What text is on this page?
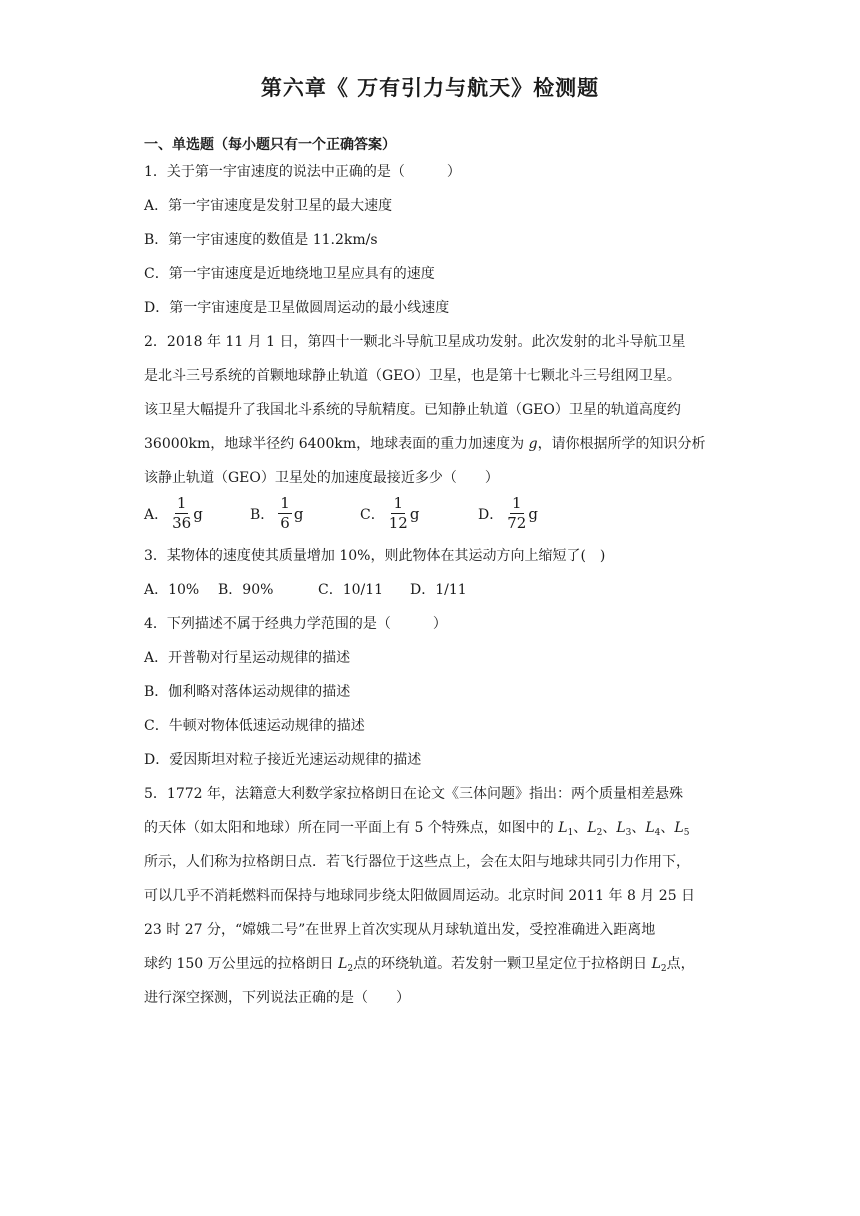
第六章《 万有引力与航天》检测题
一、单选题（每小题只有一个正确答案）
1．关于第一宇宙速度的说法中正确的是（　　　）
A．第一宇宙速度是发射卫星的最大速度
B．第一宇宙速度的数值是 11.2km/s
C．第一宇宙速度是近地绕地卫星应具有的速度
D．第一宇宙速度是卫星做圆周运动的最小线速度
2．2018 年 11 月 1 日，第四十一颗北斗导航卫星成功发射。此次发射的北斗导航卫星
是北斗三号系统的首颗地球静止轨道（GEO）卫星，也是第十七颗北斗三号组网卫星。
该卫星大幅提升了我国北斗系统的导航精度。已知静止轨道（GEO）卫星的轨道高度约
36000km，地球半径约 6400km，地球表面的重力加速度为 g，请你根据所学的知识分析
该静止轨道（GEO）卫星处的加速度最接近多少（　　）
A． $\frac{1}{36}$ g	B． $\frac{1}{6}$ g	C． $\frac{1}{12}$ g	D． $\frac{1}{72}$ g
3．某物体的速度使其质量增加 10%，则此物体在其运动方向上缩短了(　)
A．10% B．90%	C．10/11 D．1/11
4．下列描述不属于经典力学范围的是（　　　）
A．开普勒对行星运动规律的描述
B．伽利略对落体运动规律的描述
C．牛顿对物体低速运动规律的描述
D．爱因斯坦对粒子接近光速运动规律的描述
5．1772 年，法籍意大利数学家拉格朗日在论文《三体问题》指出：两个质量相差悬殊
的天体（如太阳和地球）所在同一平面上有 5 个特殊点，如图中的 $L_1$、$L_2$、$L_3$、$L_4$、$L_5$
所示，人们称为拉格朗日点．若飞行器位于这些点上，会在太阳与地球共同引力作用下，
可以几乎不消耗燃料而保持与地球同步绕太阳做圆周运动。北京时间 2011 年 8 月 25 日
23 时 27 分，“嫦娥二号”在世界上首次实现从月球轨道出发，受控准确进入距离地
球约 150 万公里远的拉格朗日 $L_2$点的环绕轨道。若发射一颗卫星定位于拉格朗日 $L_2$点，
进行深空探测，下列说法正确的是（　　）
